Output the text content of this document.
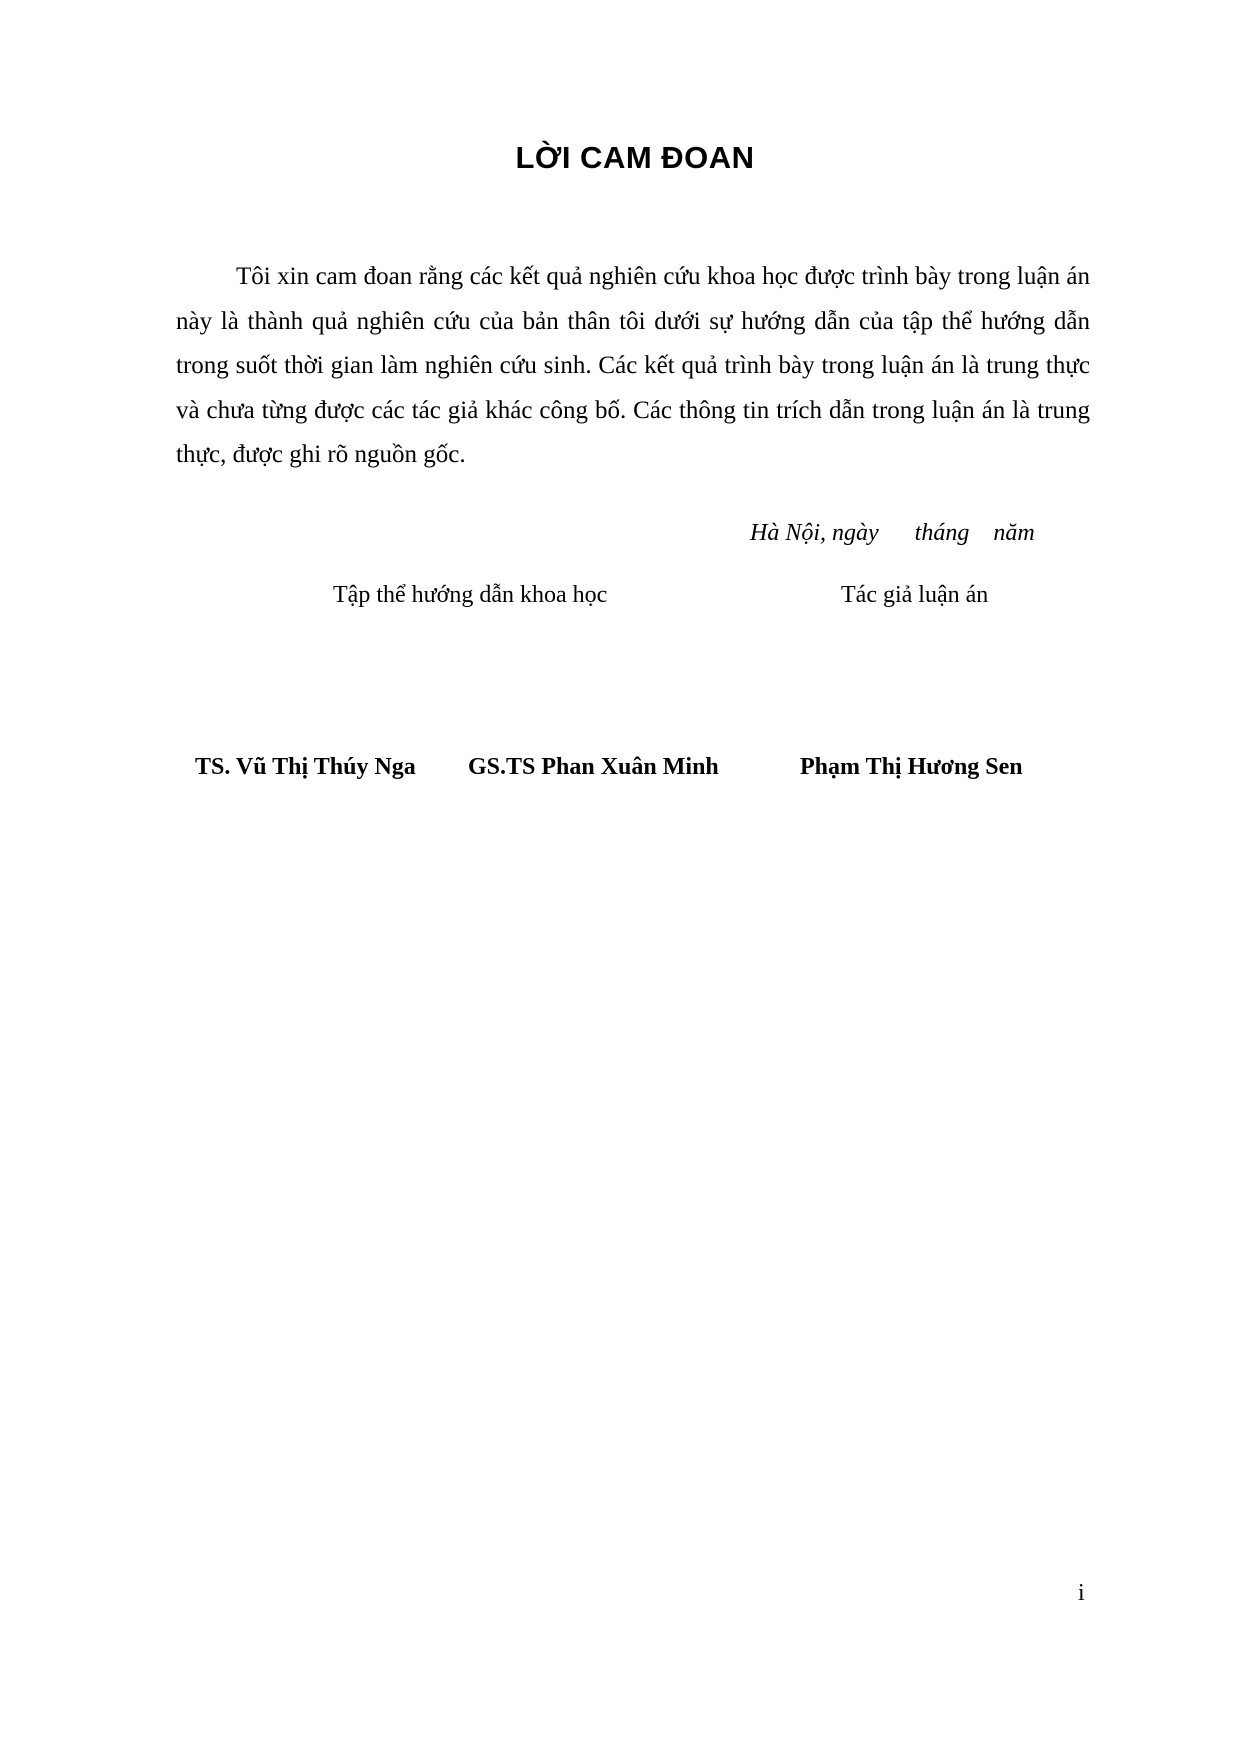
LỜI CAM ĐOAN

Tôi xin cam đoan rằng các kết quả nghiên cứu khoa học được trình bày trong luận án này là thành quả nghiên cứu của bản thân tôi dưới sự hướng dẫn của tập thể hướng dẫn trong suốt thời gian làm nghiên cứu sinh. Các kết quả trình bày trong luận án là trung thực và chưa từng được các tác giả khác công bố. Các thông tin trích dẫn trong luận án là trung thực, được ghi rõ nguồn gốc.

Hà Nội, ngày      tháng    năm
Tập thể hướng dẫn khoa học	Tác giả luận án
TS. Vũ Thị Thúy Nga GS.TS Phan Xuân Minh	Phạm Thị Hương Sen
i
